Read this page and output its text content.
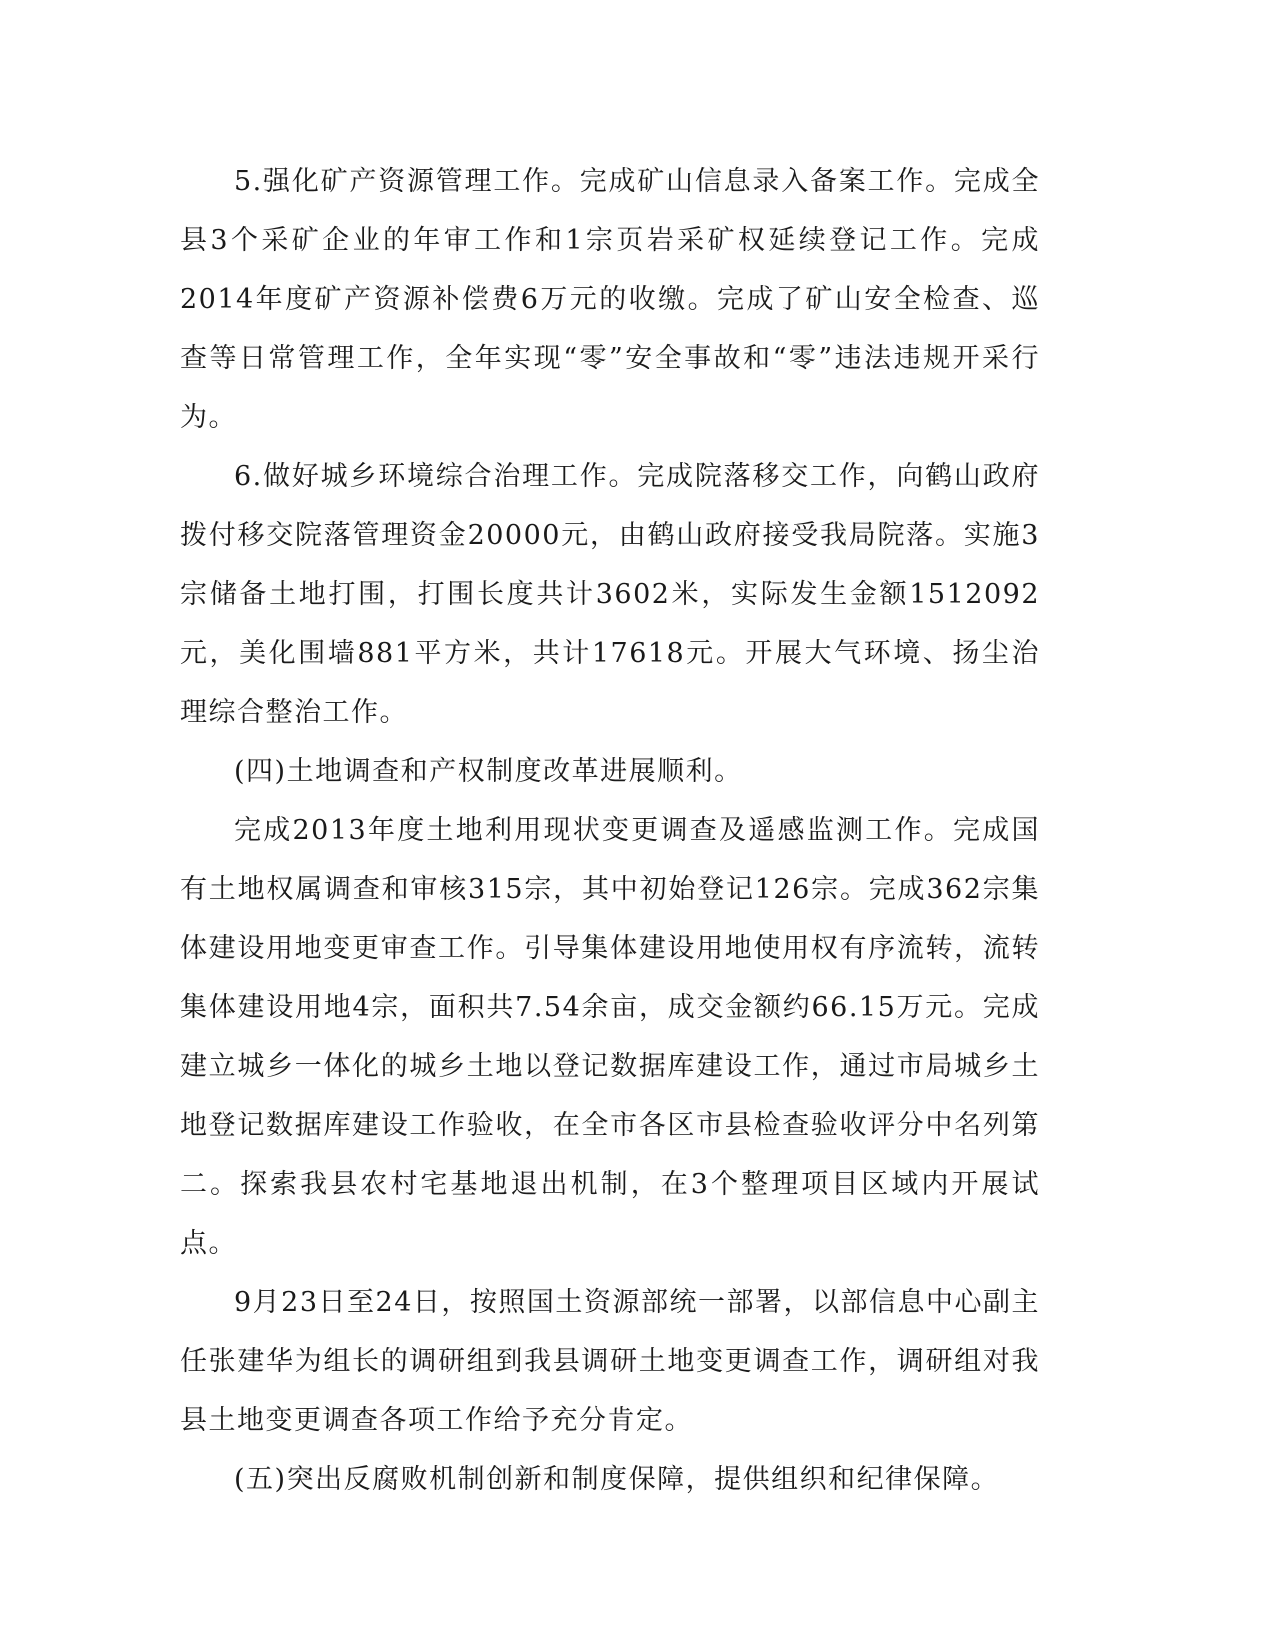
5.强化矿产资源管理工作。完成矿山信息录入备案工作。完成全县3个采矿企业的年审工作和1宗页岩采矿权延续登记工作。完成2014年度矿产资源补偿费6万元的收缴。完成了矿山安全检查、巡查等日常管理工作，全年实现“零”安全事故和“零”违法违规开采行为。

6.做好城乡环境综合治理工作。完成院落移交工作，向鹤山政府拨付移交院落管理资金20000元，由鹤山政府接受我局院落。实施3宗储备土地打围，打围长度共计3602米，实际发生金额1512092元，美化围墙881平方米，共计17618元。开展大气环境、扬尘治理综合整治工作。

(四)土地调查和产权制度改革进展顺利。

完成2013年度土地利用现状变更调查及遥感监测工作。完成国有土地权属调查和审核315宗，其中初始登记126宗。完成362宗集体建设用地变更审查工作。引导集体建设用地使用权有序流转，流转集体建设用地4宗，面积共7.54余亩，成交金额约66.15万元。完成建立城乡一体化的城乡土地以登记数据库建设工作，通过市局城乡土地登记数据库建设工作验收，在全市各区市县检查验收评分中名列第二。探索我县农村宅基地退出机制，在3个整理项目区域内开展试点。

9月23日至24日，按照国土资源部统一部署，以部信息中心副主任张建华为组长的调研组到我县调研土地变更调查工作，调研组对我县土地变更调查各项工作给予充分肯定。

(五)突出反腐败机制创新和制度保障，提供组织和纪律保障。
